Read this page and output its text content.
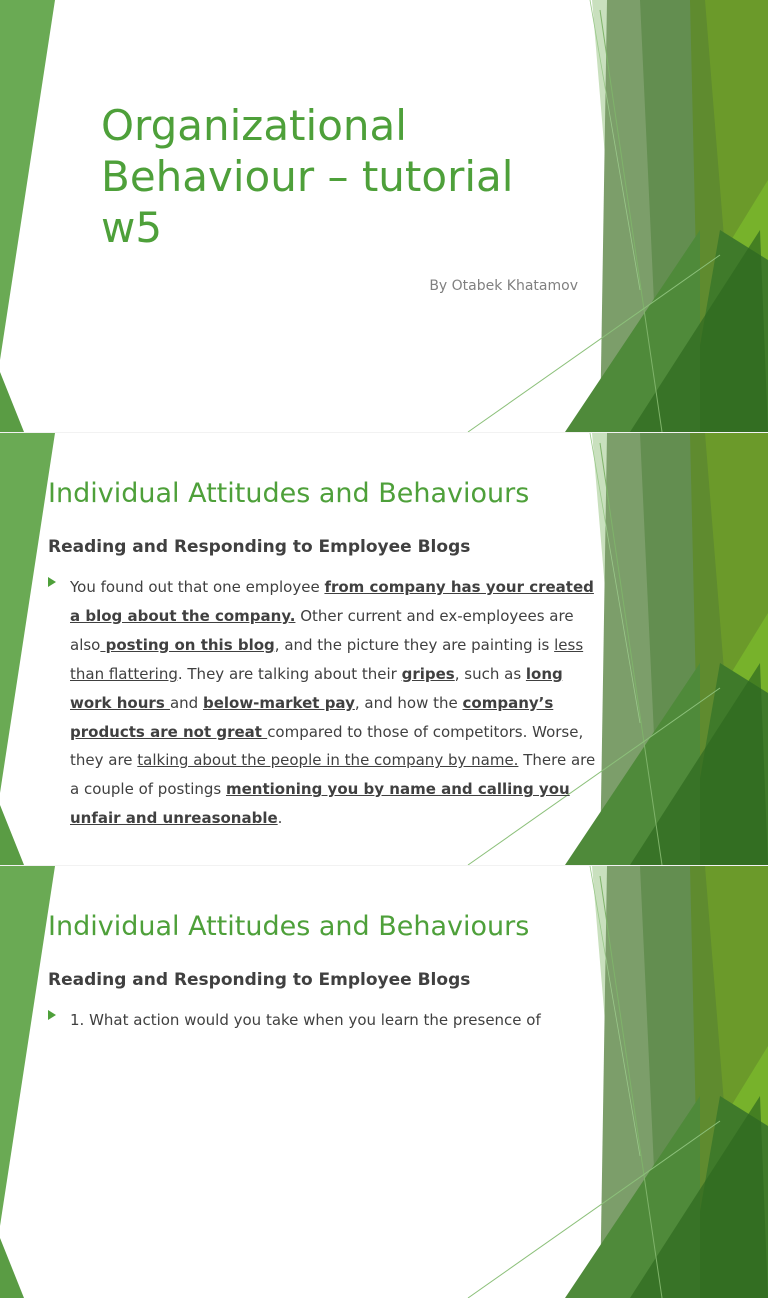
Organizational Behaviour – tutorial w5
By Otabek Khatamov
Individual Attitudes and Behaviours
Reading and Responding to Employee Blogs
You found out that one employee from company has your created a blog about the company. Other current and ex-employees are also posting on this blog, and the picture they are painting is less than flattering. They are talking about their gripes, such as long work hours and below-market pay, and how the company’s products are not great compared to those of competitors. Worse, they are talking about the people in the company by name. There are a couple of postings mentioning you by name and calling you unfair and unreasonable.
Individual Attitudes and Behaviours
Reading and Responding to Employee Blogs
1. What action would you take when you learn the presence of
